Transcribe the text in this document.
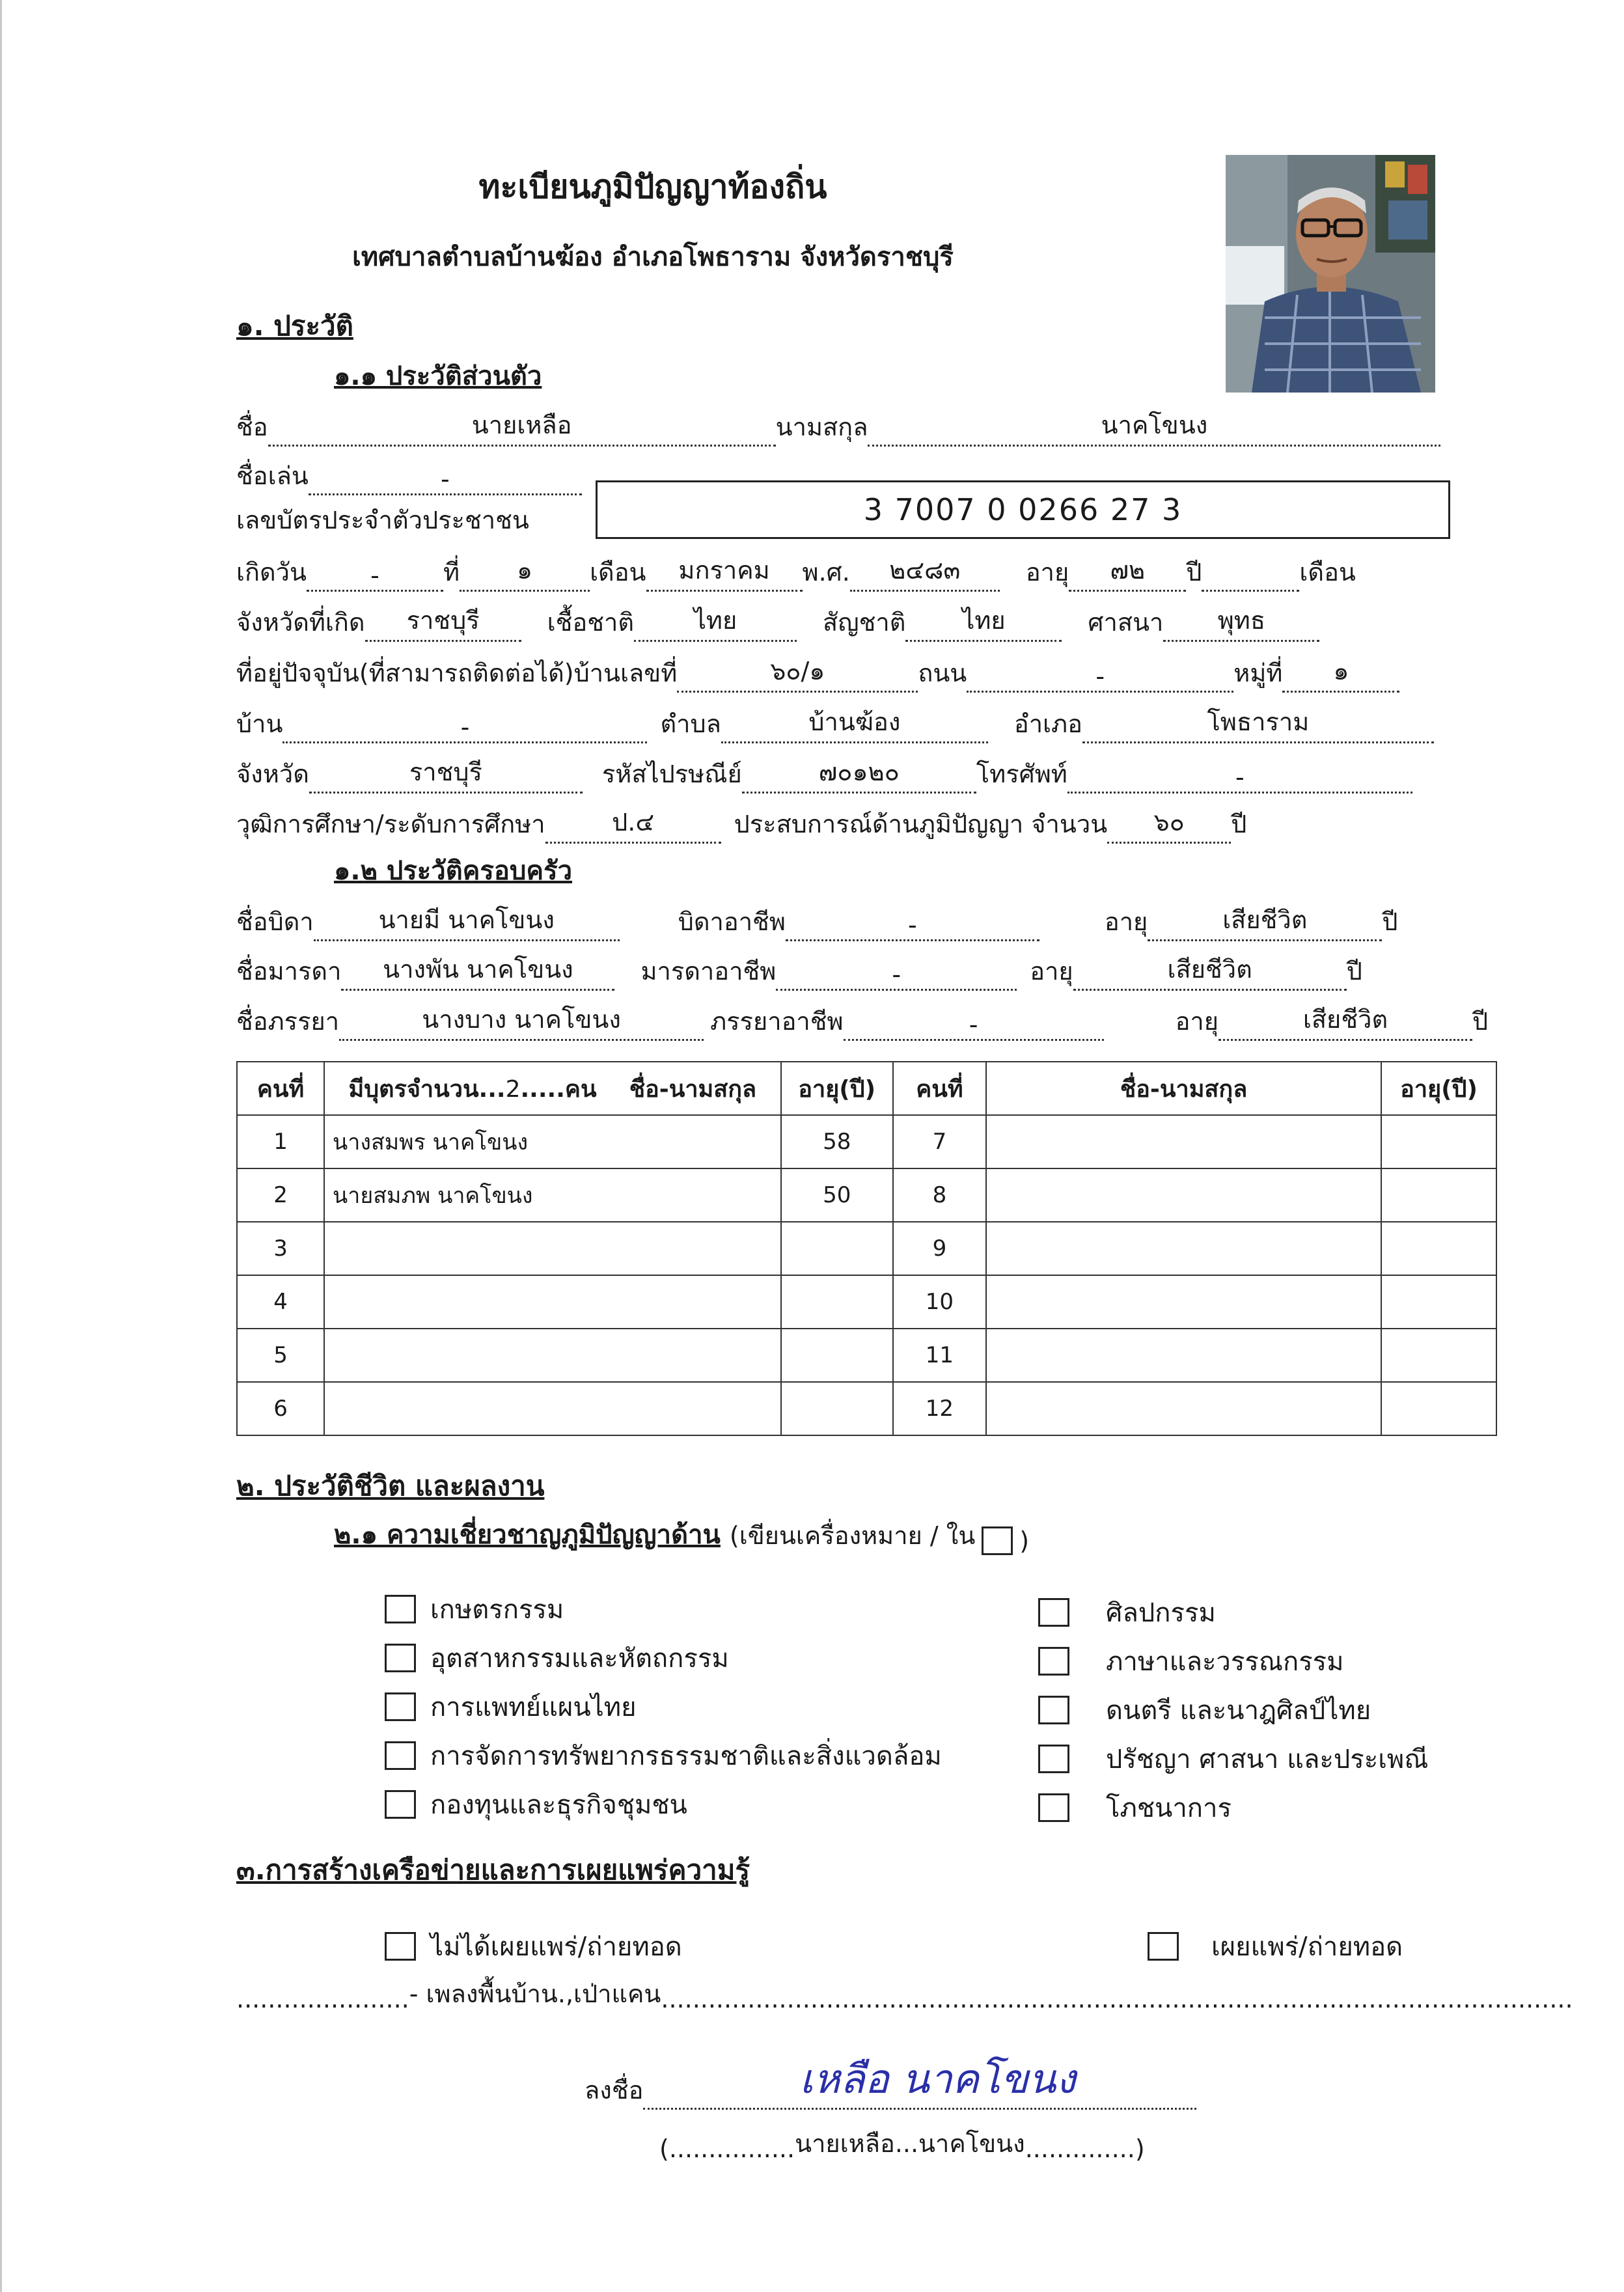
ทะเบียนภูมิปัญญาท้องถิ่น
เทศบาลตำบลบ้านฆ้อง อำเภอโพธาราม จังหวัดราชบุรี
๑. ประวัติ
๑.๑ ประวัติส่วนตัว
ชื่อ	นายเหลือ	นามสกุล	นาคโขนง
ชื่อเล่น	-
เลขบัตรประจำตัวประชาชน	3 7007 0 0266 27 3
เกิดวัน	-	ที่	๑	เดือน	มกราคม	พ.ศ.	๒๔๘๓	อายุ	๗๒	ปี	เดือน
จังหวัดที่เกิด	ราชบุรี	เชื้อชาติ	ไทย	สัญชาติ	ไทย	ศาสนา	พุทธ
ที่อยู่ปัจจุบัน(ที่สามารถติดต่อได้)บ้านเลขที่	๖๐/๑	ถนน	-	หมู่ที่	๑
บ้าน	-	ตำบล	บ้านฆ้อง	อำเภอ	โพธาราม
จังหวัด	ราชบุรี	รหัสไปรษณีย์	๗๐๑๒๐	โทรศัพท์	-
วุฒิการศึกษา/ระดับการศึกษา	ป.๔	ประสบการณ์ด้านภูมิปัญญา จำนวน	๖๐	ปี
๑.๒ ประวัติครอบครัว
ชื่อบิดา	นายมี นาคโขนง	บิดาอาชีพ	-	อายุ	เสียชีวิต	ปี
ชื่อมารดา	นางพัน นาคโขนง	มารดาอาชีพ	-	อายุ	เสียชีวิต	ปี
ชื่อภรรยา	นางบาง นาคโขนง	ภรรยาอาชีพ	-	อายุ	เสียชีวิต	ปี
คนที่	มีบุตรจำนวน...2.....คน ชื่อ-นามสกุล	อายุ(ปี)	คนที่	ชื่อ-นามสกุล	อายุ(ปี)
1	นางสมพร นาคโขนง	58	7		
2	นายสมภพ นาคโขนง	50	8		
3			9		
4			10		
5			11		
6			12		
๒. ประวัติชีวิต และผลงาน
๒.๑ ความเชี่ยวชาญภูมิปัญญาด้าน (เขียนเครื่องหมาย / ใน )
เกษตรกรรม
อุตสาหกรรมและหัตถกรรม
การแพทย์แผนไทย
การจัดการทรัพยากรธรรมชาติและสิ่งแวดล้อม
กองทุนและธุรกิจชุมชน
ศิลปกรรม
ภาษาและวรรณกรรม
ดนตรี และนาฎศิลป์ไทย
ปรัชญา ศาสนา และประเพณี
โภชนาการ
๓.การสร้างเครือข่ายและการเผยแพร่ความรู้
ไม่ได้เผยแพร่/ถ่ายทอด	เผยแพร่/ถ่ายทอด
...................... - เพลงพื้นบ้าน.,เป่าแคน ....................................................................................................................
ลงชื่อ	เหลือ นาคโขนง
(................ นายเหลือ...นาคโขนง ..............)
